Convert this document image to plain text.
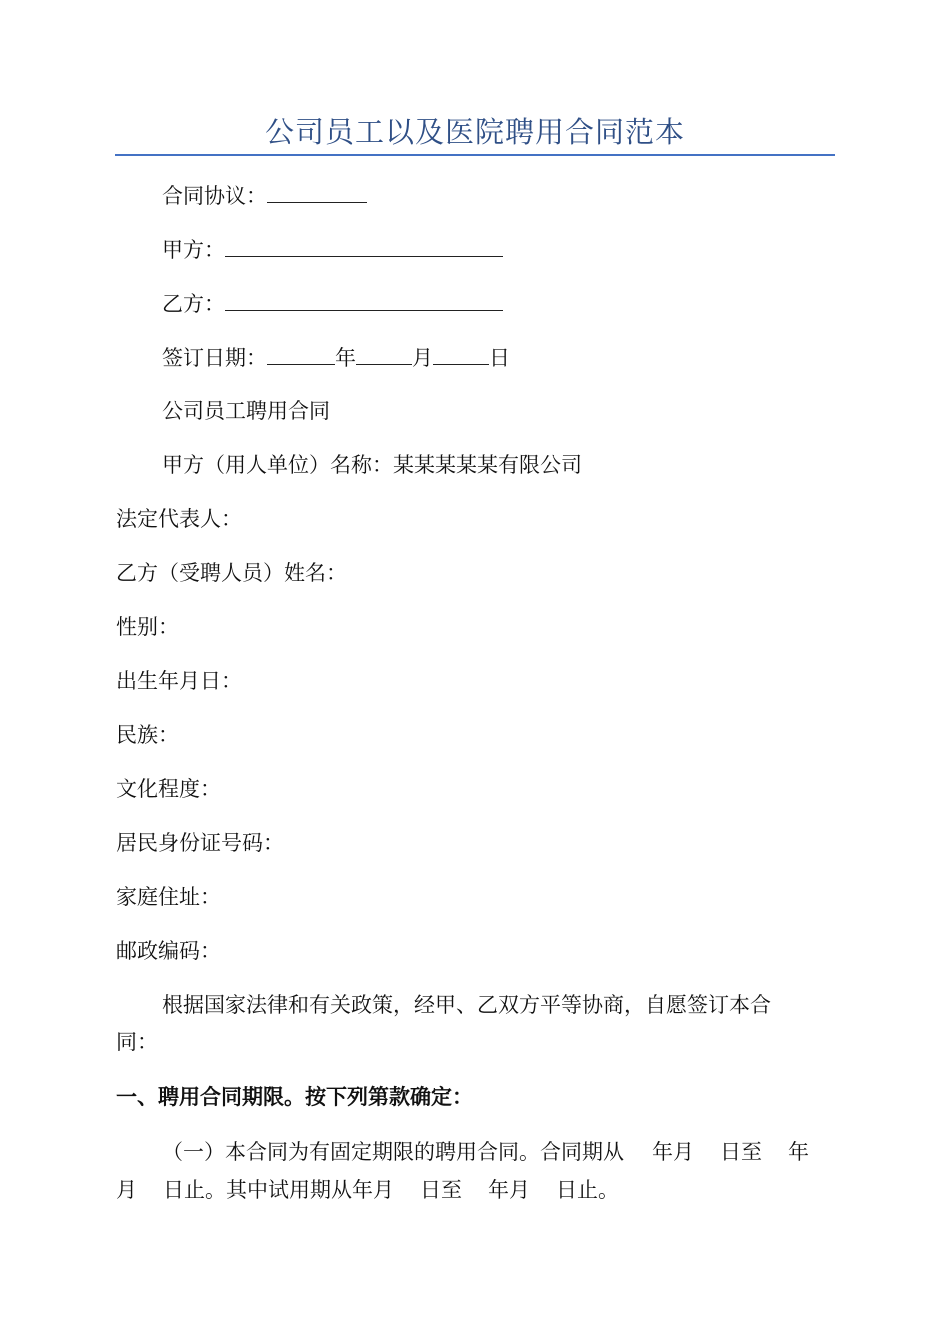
公司员工以及医院聘用合同范本
合同协议：
甲方：
乙方：
签订日期：	年	月	日
公司员工聘用合同
甲方（用人单位）名称：某某某某某有限公司
法定代表人：
乙方（受聘人员）姓名：
性别：
出生年月日：
民族：
文化程度：
居民身份证号码：
家庭住址：
邮政编码：
根据国家法律和有关政策，经甲、乙双方平等协商，自愿签订本合
同：
一、聘用合同期限。按下列第款确定：
（一）本合同为有固定期限的聘用合同。合同期从 年月 日至 年
月 日止。其中试用期从年月 日至 年月 日止。
